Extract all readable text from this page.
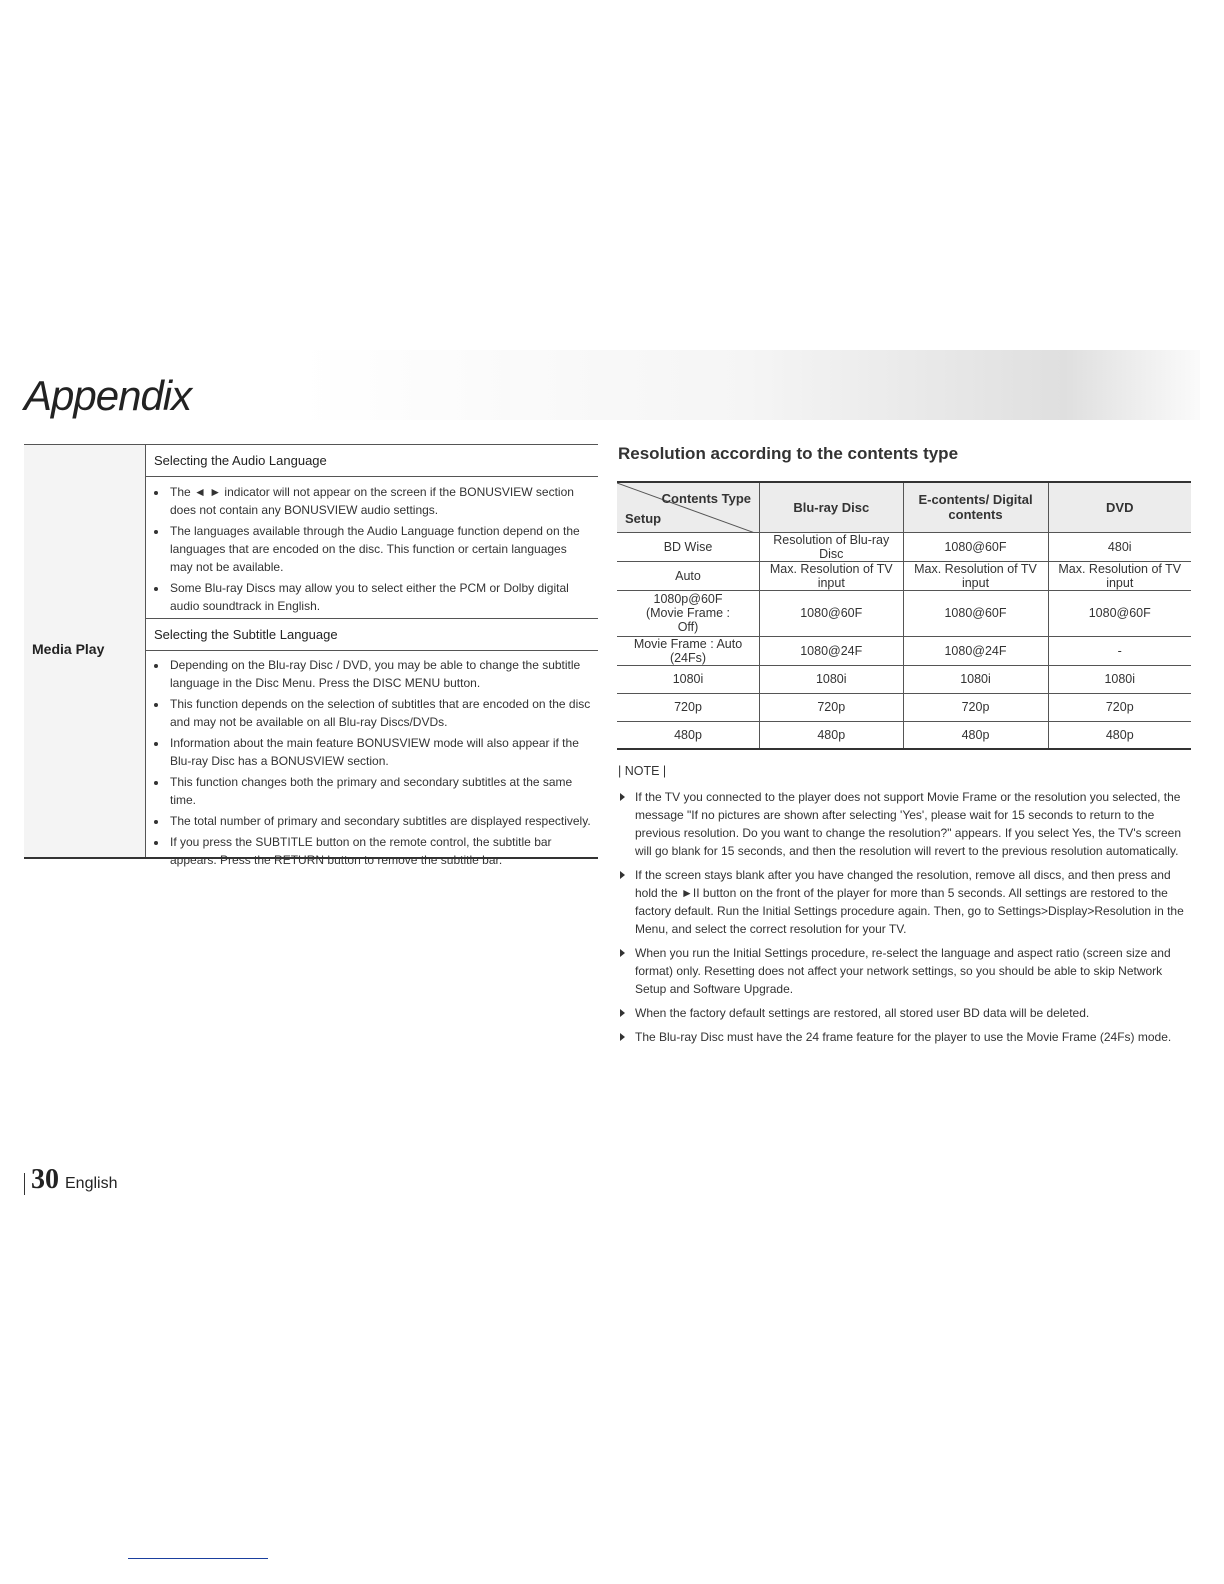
Appendix
Media Play
Selecting the Audio Language
• The ◄ ► indicator will not appear on the screen if the BONUSVIEW section does not contain any BONUSVIEW audio settings.
• The languages available through the Audio Language function depend on the languages that are encoded on the disc. This function or certain languages may not be available.
• Some Blu-ray Discs may allow you to select either the PCM or Dolby digital audio soundtrack in English.
Selecting the Subtitle Language
• Depending on the Blu-ray Disc / DVD, you may be able to change the subtitle language in the Disc Menu. Press the DISC MENU button.
• This function depends on the selection of subtitles that are encoded on the disc and may not be available on all Blu-ray Discs/DVDs.
• Information about the main feature BONUSVIEW mode will also appear if the Blu-ray Disc has a BONUSVIEW section.
• This function changes both the primary and secondary subtitles at the same time.
• The total number of primary and secondary subtitles are displayed respectively.
• If you press the SUBTITLE button on the remote control, the subtitle bar appears. Press the RETURN button to remove the subtitle bar.
Resolution according to the contents type
Contents Type
Setup	Blu-ray Disc	E-contents/ Digital contents	DVD
BD Wise	Resolution of Blu-ray Disc	1080@60F	480i
Auto	Max. Resolution of TV input	Max. Resolution of TV input	Max. Resolution of TV input
1080p@60F (Movie Frame : Off)	1080@60F	1080@60F	1080@60F
Movie Frame : Auto (24Fs)	1080@24F	1080@24F	-
1080i	1080i	1080i	1080i
720p	720p	720p	720p
480p	480p	480p	480p
| NOTE |
If the TV you connected to the player does not support Movie Frame or the resolution you selected, the message "If no pictures are shown after selecting 'Yes', please wait for 15 seconds to return to the previous resolution. Do you want to change the resolution?" appears. If you select Yes, the TV's screen will go blank for 15 seconds, and then the resolution will revert to the previous resolution automatically.
If the screen stays blank after you have changed the resolution, remove all discs, and then press and hold the ►II button on the front of the player for more than 5 seconds. All settings are restored to the factory default. Run the Initial Settings procedure again. Then, go to Settings>Display>Resolution in the Menu, and select the correct resolution for your TV.
When you run the Initial Settings procedure, re-select the language and aspect ratio (screen size and format) only. Resetting does not affect your network settings, so you should be able to skip Network Setup and Software Upgrade.
When the factory default settings are restored, all stored user BD data will be deleted.
The Blu-ray Disc must have the 24 frame feature for the player to use the Movie Frame (24Fs) mode.
30 English
